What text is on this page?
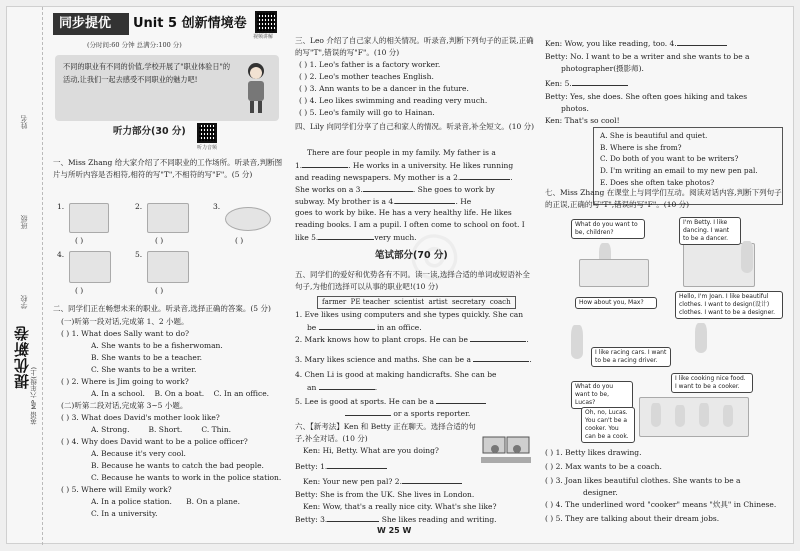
姓名
班级
学校
提优新卷
英语 MP 六年级(上)
同步提优	Unit 5 创新情境卷
视频讲解
(分时间:60 分钟 总满分:100 分)
不同的职业有不同的价值,学校开展了"职业体验日"的活动,让我们一起去感受不同职业的魅力吧!
听力部分(30 分)
听力音频
一、Miss Zhang 给大家介绍了不同职业的工作场所。听录音,判断图片与所听内容是否相符,相符的写"T",不相符的写"F"。(5 分)
1.
( )
2.
( )
3.
( )
4.
( )
5.
( )
二、同学们正在畅想未来的职业。听录音,选择正确的答案。(5 分)
(一)听第一段对话,完成第 1、2 小题。
( ) 1. What does Sally want to do?
A. She wants to be a fisherwoman.
B. She wants to be a teacher.
C. She wants to be a writer.
( ) 2. Where is Jim going to work?
A. In a school.    B. On a boat.    C. In an office.
(二)听第二段对话,完成第 3~5 小题。
( ) 3. What does David's mother look like?
A. Strong.        B. Short.        C. Thin.
( ) 4. Why does David want to be a police officer?
A. Because it's very cool.
B. Because he wants to catch the bad people.
C. Because he wants to work in the police station.
( ) 5. Where will Emily work?
A. In a police station.      B. On a plane.
C. In a university.
三、Leo 介绍了自己家人的相关情况。听录音,判断下列句子的正误,正确的写"T",错误的写"F"。(10 分)
( ) 1. Leo's father is a factory worker.
( ) 2. Leo's mother teaches English.
( ) 3. Ann wants to be a dancer in the future.
( ) 4. Leo likes swimming and reading very much.
( ) 5. Leo's family will go to Hainan.
四、Lily 向同学们分享了自己和家人的情况。听录音,补全短文。(10 分)
There are four people in my family. My father is a
1.	. He works in a university. He likes running
and reading newspapers. My mother is a 2.	.
She works on a 3.	. She goes to work by
subway. My brother is a 4.	. He
goes to work by bike. He has a very healthy life. He likes
reading books. I am a pupil. I often come to school on foot. I
like 5.	very much.
笔试部分(70 分)
五、同学们的爱好和优势各有不同。读一读,选择合适的单词或短语补全句子,为他们选择可以从事的职业吧!(10 分)
farmer  PE teacher  scientist  artist  secretary  coach
1. Eve likes using computers and she types quickly. She can
be	in an office.
2. Mark knows how to plant crops. He can be	.
3. Mary likes science and maths. She can be a	.
4. Chen Li is good at making handicrafts. She can be
an	.
5. Lee is good at sports. He can be a
or a sports reporter.
六、【新考法】Ken 和 Betty 正在聊天。选择合适的句子,补全对话。(10 分)
Ken: Hi, Betty. What are you doing?
Betty: 1.
Ken: Your new pen pal? 2.
Betty: She is from the UK. She lives in London.
Ken: Wow, that's a really nice city. What's she like?
Betty: 3.	She likes reading and writing.
Ken: Wow, you like reading, too. 4.
Betty: No. I want to be a writer and she wants to be a
photographer(摄影师).
Ken: 5.
Betty: Yes, she does. She often goes hiking and takes
photos.
Ken: That's so cool!
A. She is beautiful and quiet.
B. Where is she from?
C. Do both of you want to be writers?
D. I'm writing an email to my new pen pal.
E. Does she often take photos?
七、Miss Zhang 在课堂上与同学们互动。阅读对话内容,判断下列句子的正误,正确的写"T",错误的写"F"。(10 分)
What do you want to be, children?
I'm Betty. I like dancing. I want to be a dancer.
How about you, Max?
I like racing cars. I want to be a racing driver.
Hello, I'm Joan. I like beautiful clothes. I want to design(设计) clothes. I want to be a designer.
What do you want to be, Lucas?
I like cooking nice food. I want to be a cooker.
Oh, no, Lucas. You can't be a cooker. You can be a cook.
( ) 1. Betty likes drawing.
( ) 2. Max wants to be a coach.
( ) 3. Joan likes beautiful clothes. She wants to be a
designer.
( ) 4. The underlined word "cooker" means "炊具" in Chinese.
( ) 5. They are talking about their dream jobs.
W 25 W
